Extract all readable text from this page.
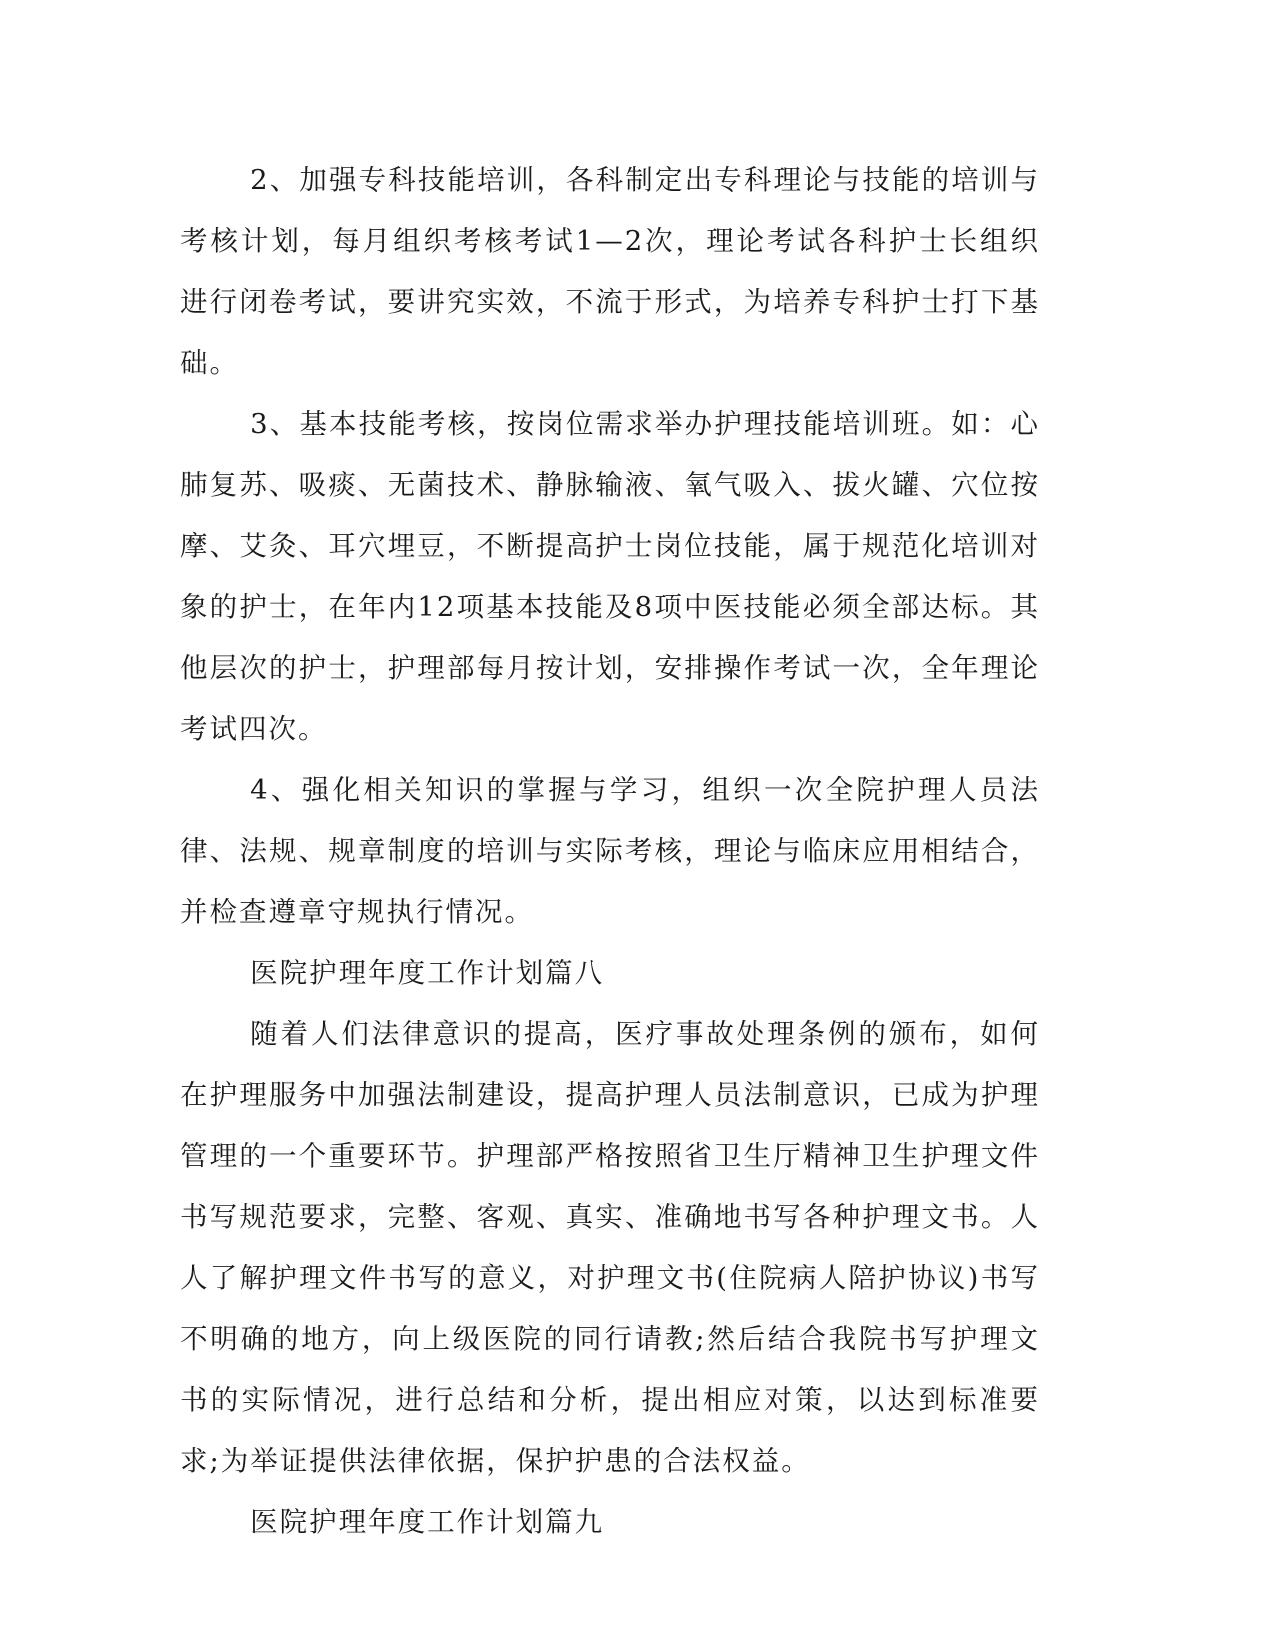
2、加强专科技能培训，各科制定出专科理论与技能的培训与考核计划，每月组织考核考试1—2次，理论考试各科护士长组织进行闭卷考试，要讲究实效，不流于形式，为培养专科护士打下基础。

3、基本技能考核，按岗位需求举办护理技能培训班。如：心肺复苏、吸痰、无菌技术、静脉输液、氧气吸入、拔火罐、穴位按摩、艾灸、耳穴埋豆，不断提高护士岗位技能，属于规范化培训对象的护士，在年内12项基本技能及8项中医技能必须全部达标。其他层次的护士，护理部每月按计划，安排操作考试一次，全年理论考试四次。

4、强化相关知识的掌握与学习，组织一次全院护理人员法律、法规、规章制度的培训与实际考核，理论与临床应用相结合，并检查遵章守规执行情况。

医院护理年度工作计划篇八

随着人们法律意识的提高，医疗事故处理条例的颁布，如何在护理服务中加强法制建设，提高护理人员法制意识，已成为护理管理的一个重要环节。护理部严格按照省卫生厅精神卫生护理文件书写规范要求，完整、客观、真实、准确地书写各种护理文书。人人了解护理文件书写的意义，对护理文书(住院病人陪护协议)书写不明确的地方，向上级医院的同行请教;然后结合我院书写护理文书的实际情况，进行总结和分析，提出相应对策，以达到标准要求;为举证提供法律依据，保护护患的合法权益。

医院护理年度工作计划篇九
